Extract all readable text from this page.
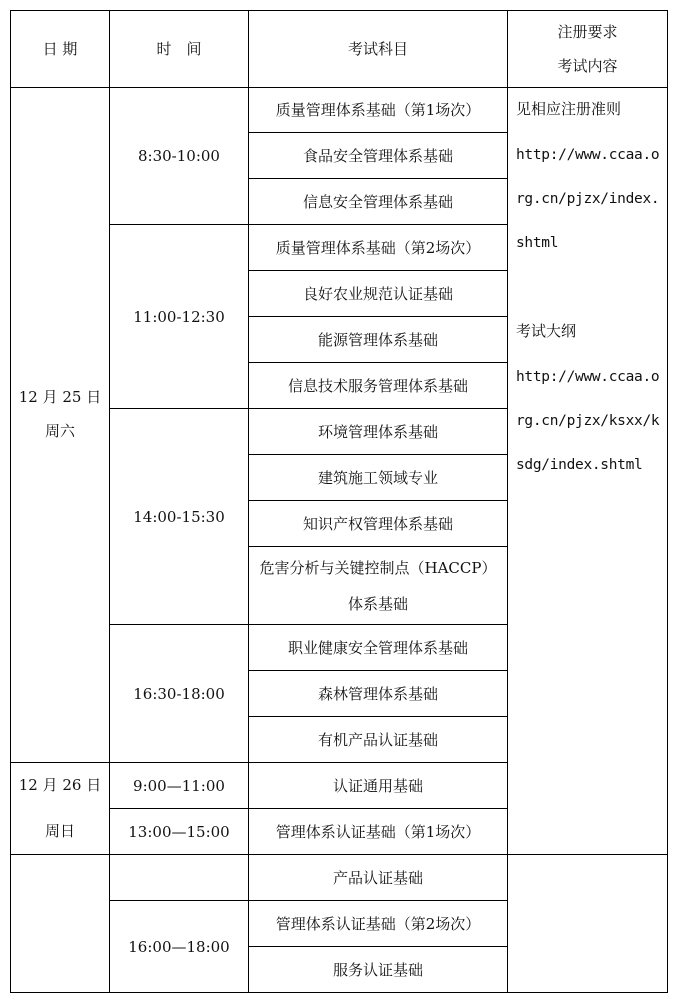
日 期	时　间	考试科目
注册要求
考试内容
12 月 25 日
周六
12 月 26 日
周日
8:30-10:00
11:00-12:30
14:00-15:30
16:30-18:00
9:00—11:00
13:00—15:00
16:00—18:00
质量管理体系基础（第1场次）
食品安全管理体系基础
信息安全管理体系基础
质量管理体系基础（第2场次）
良好农业规范认证基础
能源管理体系基础
信息技术服务管理体系基础
环境管理体系基础
建筑施工领域专业
知识产权管理体系基础
危害分析与关键控制点（HACCP）
体系基础
职业健康安全管理体系基础
森林管理体系基础
有机产品认证基础
认证通用基础
管理体系认证基础（第1场次）
产品认证基础
管理体系认证基础（第2场次）
服务认证基础
见相应注册准则
http://www.ccaa.o
rg.cn/pjzx/index.
shtml
考试大纲
http://www.ccaa.o
rg.cn/pjzx/ksxx/k
sdg/index.shtml
